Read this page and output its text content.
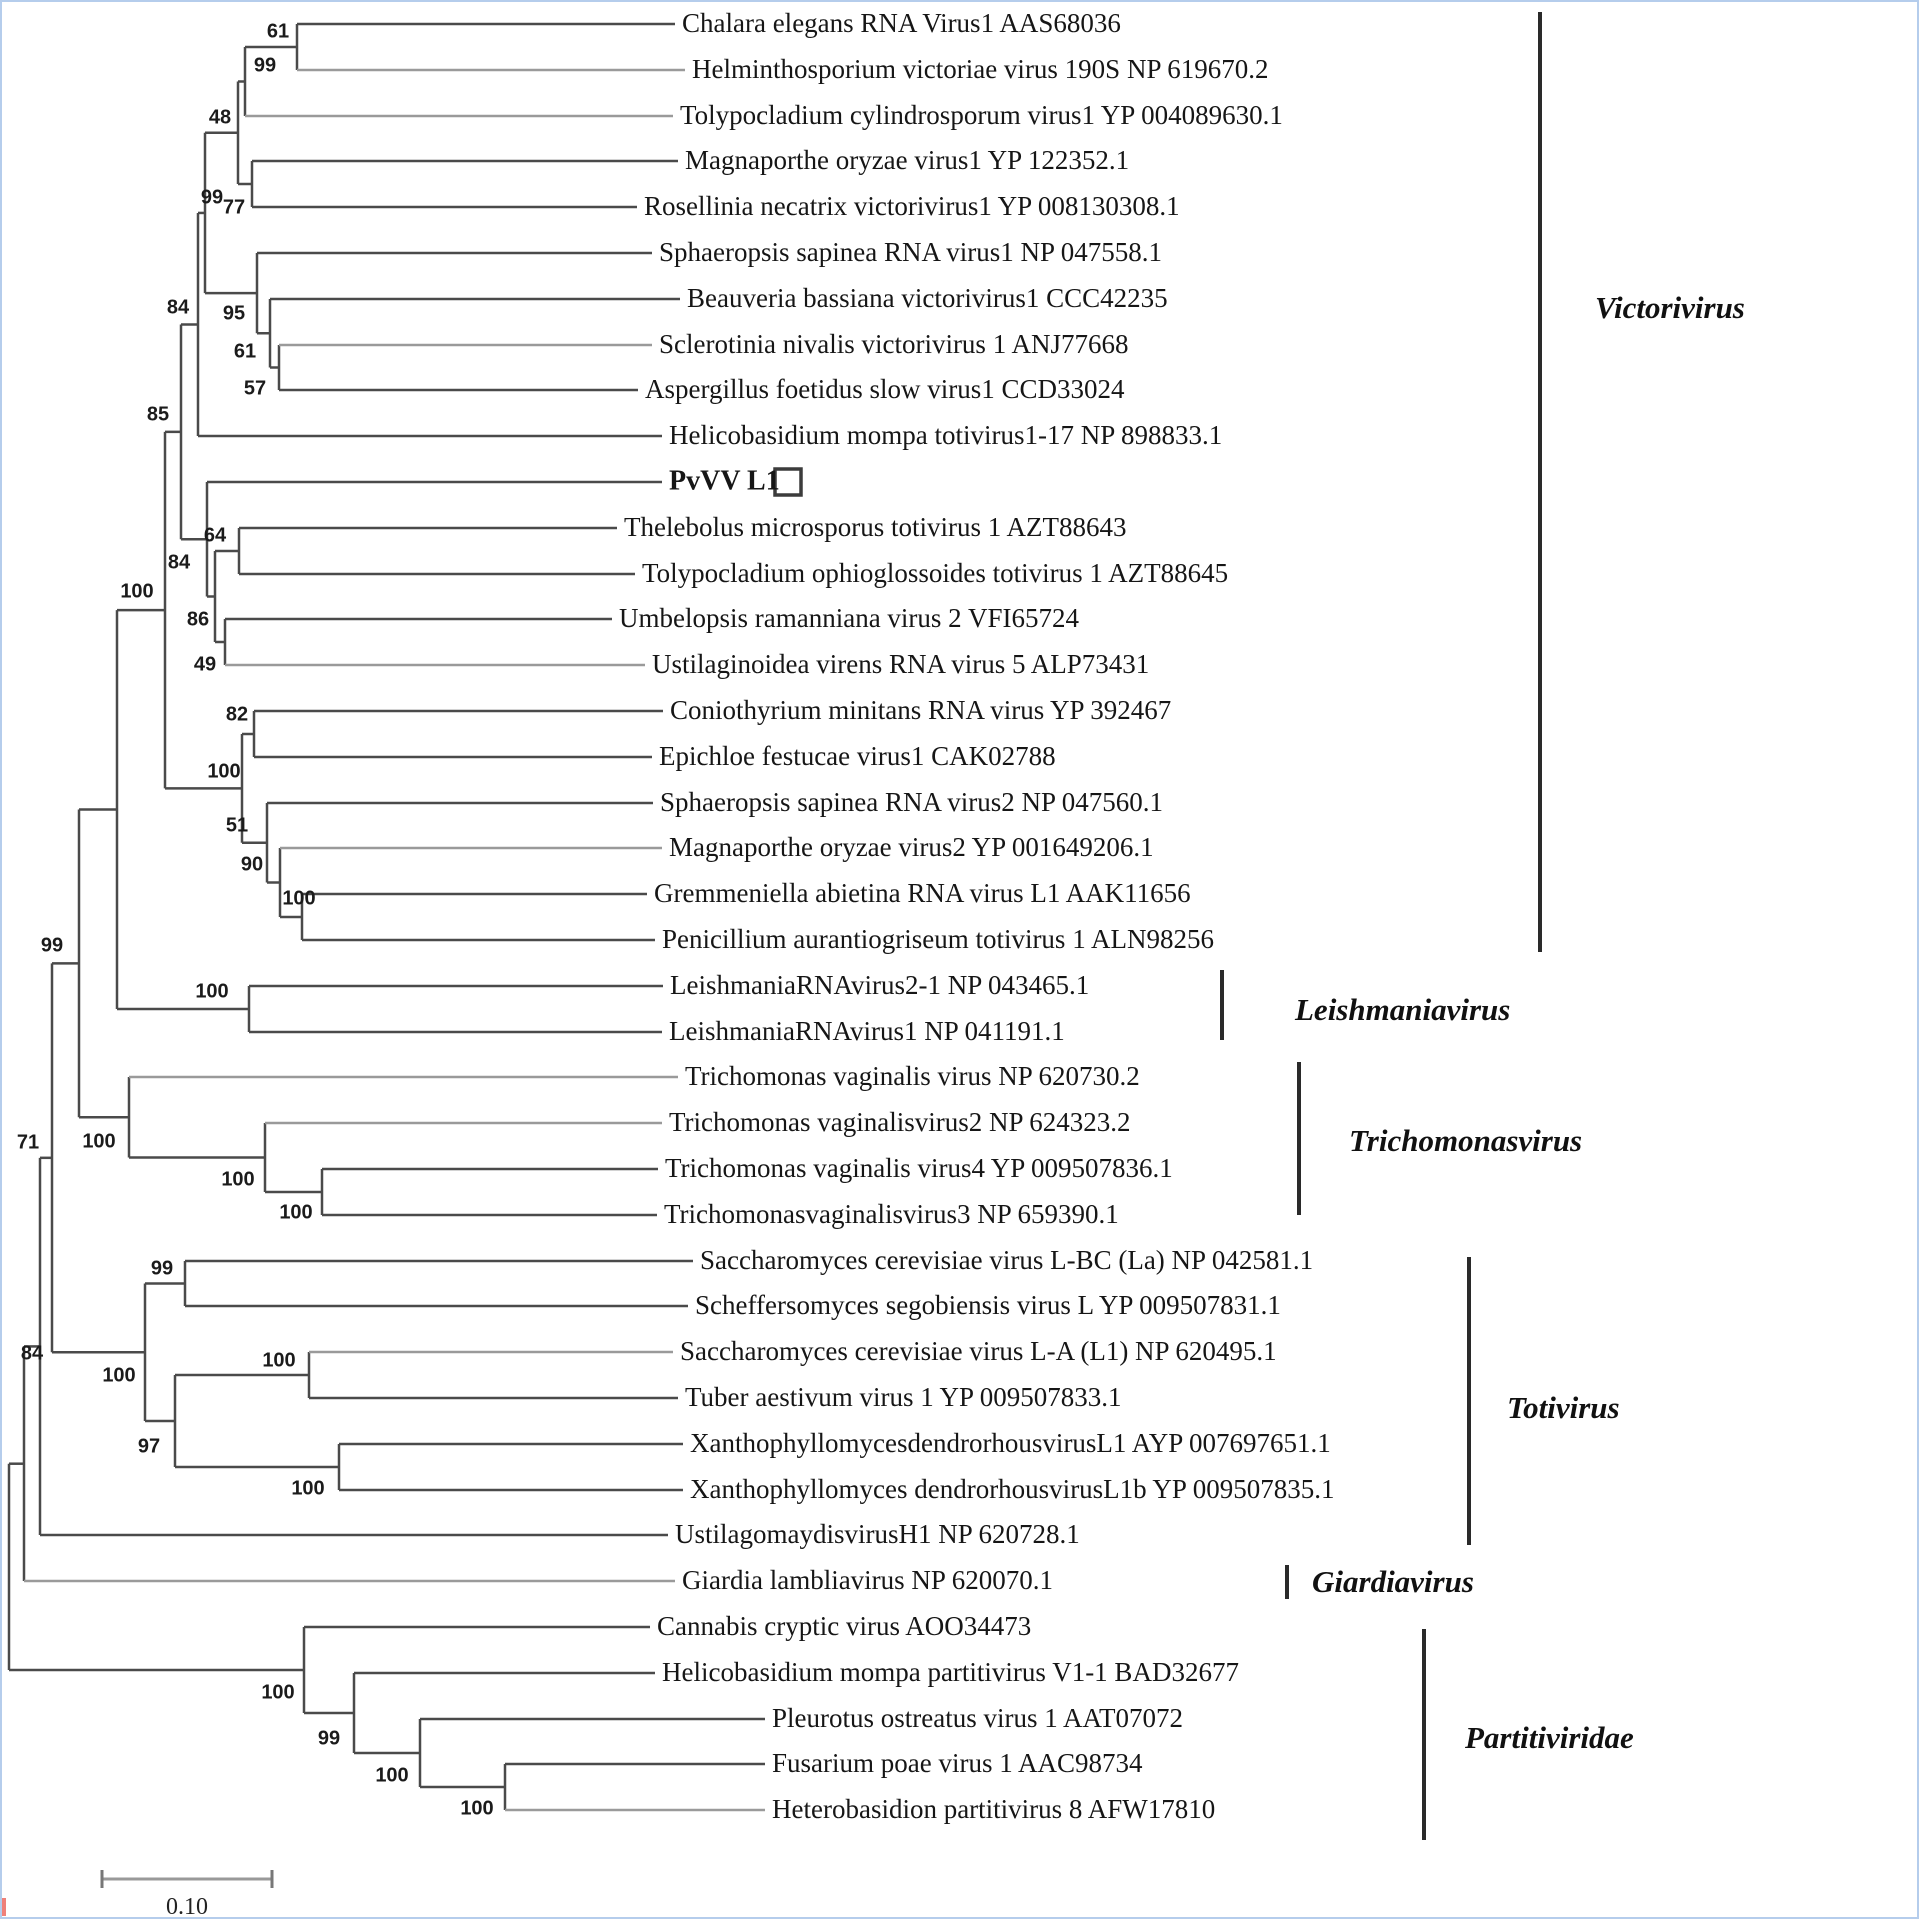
Chalara elegans RNA Virus1 AAS68036
Helminthosporium victoriae virus 190S NP 619670.2
Tolypocladium cylindrosporum virus1 YP 004089630.1
Magnaporthe oryzae virus1 YP 122352.1
Rosellinia necatrix victorivirus1 YP 008130308.1
Sphaeropsis sapinea RNA virus1 NP 047558.1
Beauveria bassiana victorivirus1 CCC42235
Sclerotinia nivalis victorivirus 1 ANJ77668
Aspergillus foetidus slow virus1 CCD33024
Helicobasidium mompa totivirus1-17 NP 898833.1
PvVV L1
Thelebolus microsporus totivirus 1 AZT88643
Tolypocladium ophioglossoides totivirus 1 AZT88645
Umbelopsis ramanniana virus 2 VFI65724
Ustilaginoidea virens RNA virus 5 ALP73431
Coniothyrium minitans RNA virus YP 392467
Epichloe festucae virus1 CAK02788
Sphaeropsis sapinea RNA virus2 NP 047560.1
Magnaporthe oryzae virus2 YP 001649206.1
Gremmeniella abietina RNA virus L1 AAK11656
Penicillium aurantiogriseum totivirus 1 ALN98256
LeishmaniaRNAvirus2-1 NP 043465.1
LeishmaniaRNAvirus1 NP 041191.1
Trichomonas vaginalis virus NP 620730.2
Trichomonas vaginalisvirus2 NP 624323.2
Trichomonas vaginalis virus4 YP 009507836.1
Trichomonasvaginalisvirus3 NP 659390.1
Saccharomyces cerevisiae virus L-BC (La) NP 042581.1
Scheffersomyces segobiensis virus L YP 009507831.1
Saccharomyces cerevisiae virus L-A (L1) NP 620495.1
Tuber aestivum virus 1 YP 009507833.1
XanthophyllomycesdendrorhousvirusL1 AYP 007697651.1
Xanthophyllomyces dendrorhousvirusL1b YP 009507835.1
UstilagomaydisvirusH1 NP 620728.1
Giardia lambliavirus NP 620070.1
Cannabis cryptic virus AOO34473
Helicobasidium mompa partitivirus V1-1 BAD32677
Pleurotus ostreatus virus 1 AAT07072
Fusarium poae virus 1 AAC98734
Heterobasidion partitivirus 8 AFW17810
61
99
48
99 77
84 95
61
57
85
64
84
100
86
49
82
100
51
90
100
99
100
100
71
100
100
99
84	100
100
97
100
100
99
100
100
Victorivirus
Leishmaniavirus
Trichomonasvirus
Totivirus
Giardiavirus
Partitiviridae
0.10
